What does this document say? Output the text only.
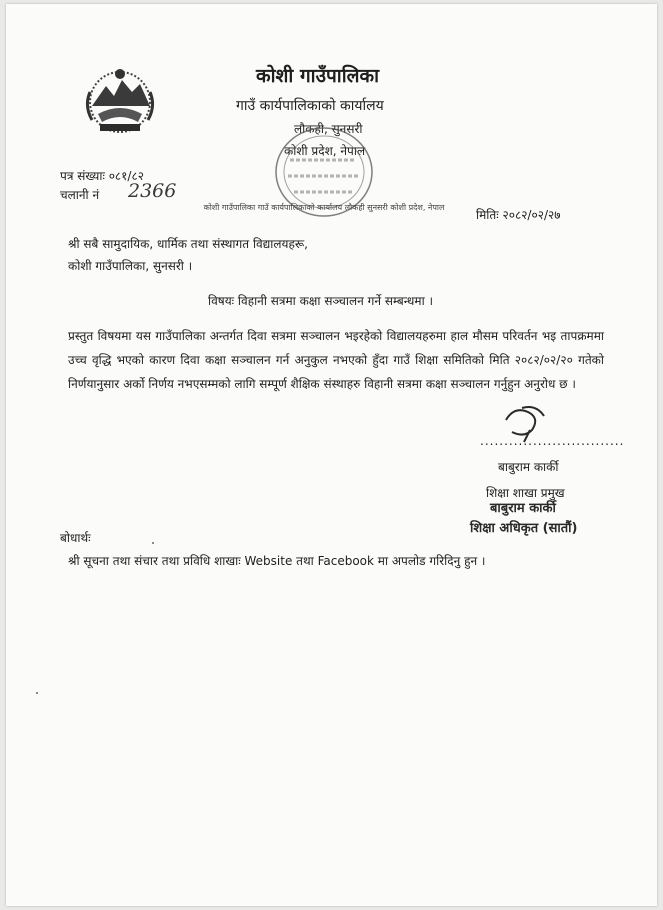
कोशी गाउँपालिका
गाउँ कार्यपालिकाको कार्यालय
लौकही, सुनसरी
कोशी प्रदेश, नेपाल
कोशी गाउँपालिका गाउँ कार्यपालिकाको कार्यालय लौकही सुनसरी कोशी प्रदेश, नेपाल
पत्र संख्याः ०८१/८२
चलानी नं 2366
मितिः २०८२/०२/२७
श्री सबै सामुदायिक, धार्मिक तथा संस्थागत विद्यालयहरू,
कोशी गाउँपालिका, सुनसरी ।
विषयः विहानी सत्रमा कक्षा सञ्चालन गर्ने सम्बन्धमा ।
प्रस्तुत विषयमा यस गाउँपालिका अन्तर्गत दिवा सत्रमा सञ्चालन भइरहेको विद्यालयहरुमा हाल मौसम परिवर्तन भइ तापक्रममा उच्च वृद्धि भएको कारण दिवा कक्षा सञ्चालन गर्न अनुकुल नभएको हुँदा गाउँ शिक्षा समितिको मिति २०८२/०२/२० गतेको निर्णयानुसार अर्को निर्णय नभएसम्मको लागि सम्पूर्ण शैक्षिक संस्थाहरु विहानी सत्रमा कक्षा सञ्चालन गर्नुहुन अनुरोध छ ।
..............................
बाबुराम कार्की
शिक्षा शाखा प्रमुख
बाबुराम कार्की
शिक्षा अधिकृत (सातौं)
बोधार्थः
श्री सूचना तथा संचार तथा प्रविधि शाखाः Website तथा Facebook मा अपलोड गरिदिनु हुन ।
